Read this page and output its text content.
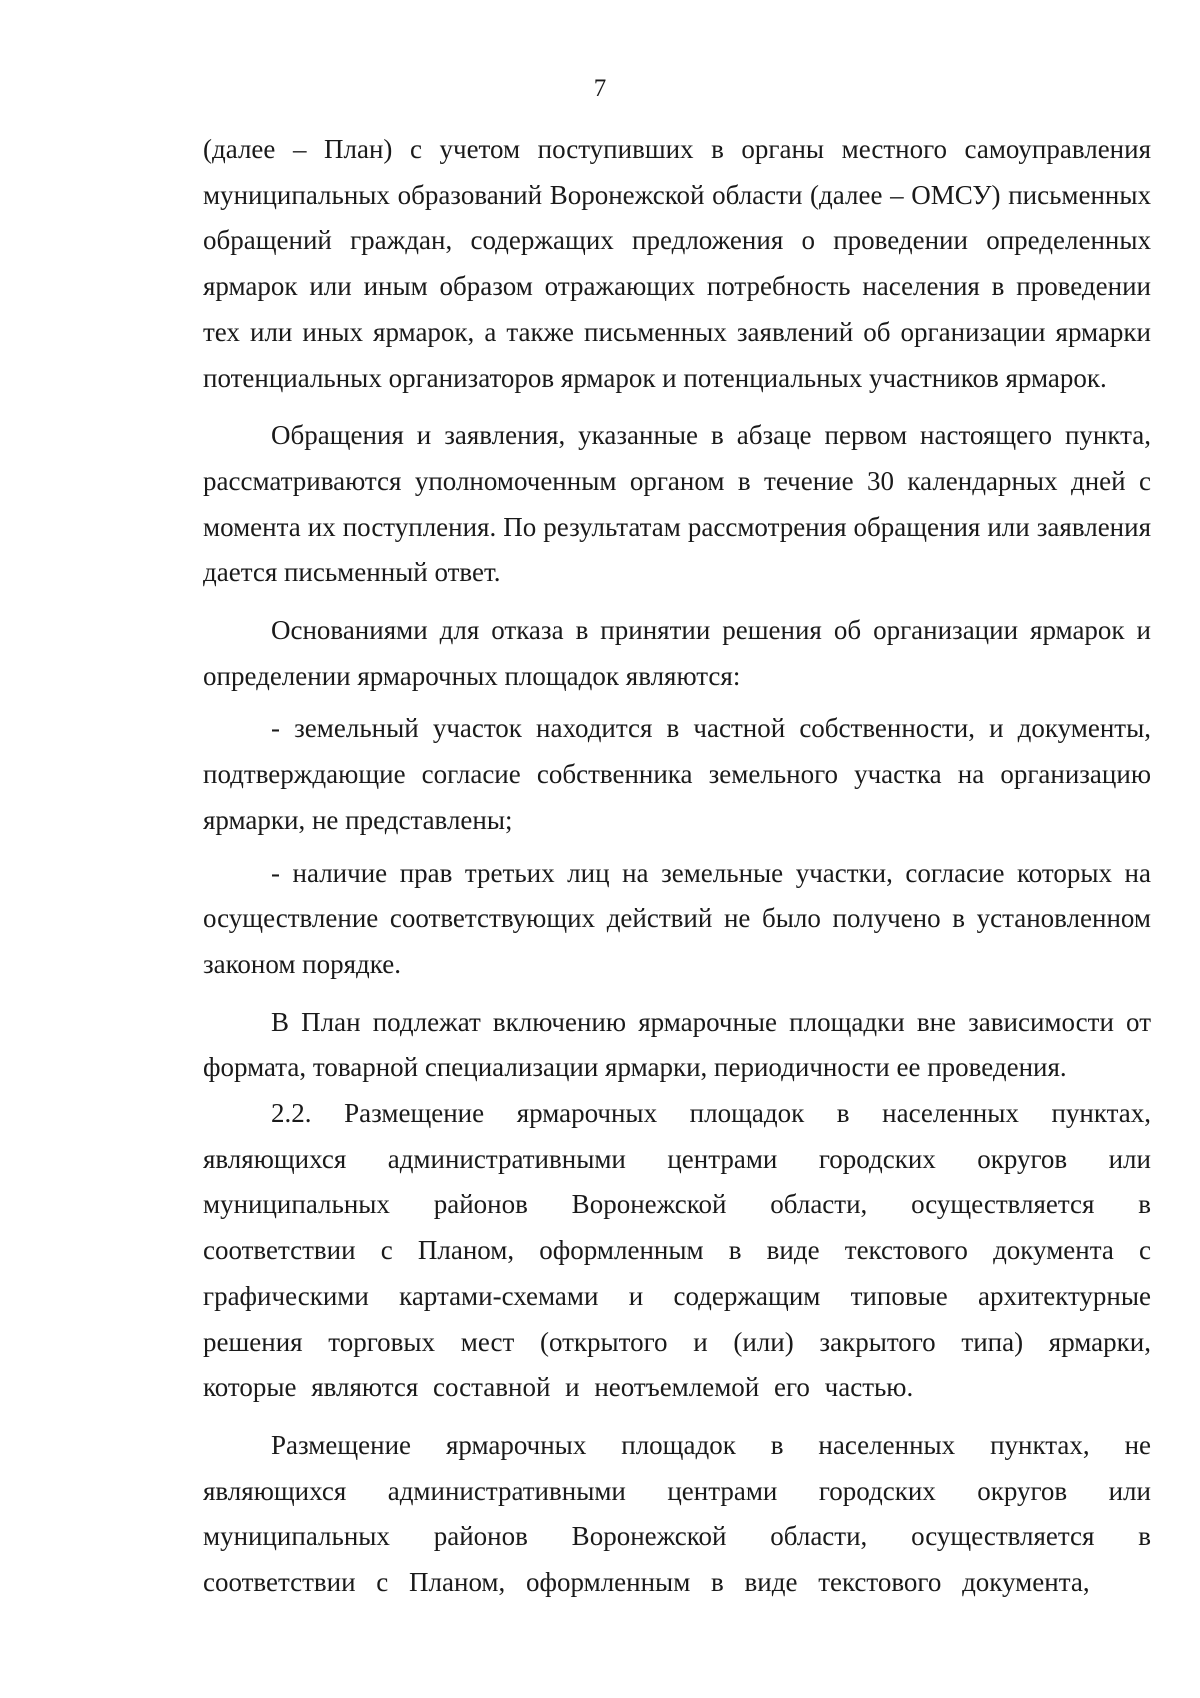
7

(далее – План) с учетом поступивших в органы местного самоуправления муниципальных образований Воронежской области (далее – ОМСУ) письменных обращений граждан, содержащих предложения о проведении определенных ярмарок или иным образом отражающих потребность населения в проведении тех или иных ярмарок, а также письменных заявлений об организации ярмарки потенциальных организаторов ярмарок и потенциальных участников ярмарок.

Обращения и заявления, указанные в абзаце первом настоящего пункта, рассматриваются уполномоченным органом в течение 30 календарных дней с момента их поступления. По результатам рассмотрения обращения или заявления дается письменный ответ.

Основаниями для отказа в принятии решения об организации ярмарок и определении ярмарочных площадок являются:

- земельный участок находится в частной собственности, и документы, подтверждающие согласие собственника земельного участка на организацию ярмарки, не представлены;

- наличие прав третьих лиц на земельные участки, согласие которых на осуществление соответствующих действий не было получено в установленном законом порядке.

В План подлежат включению ярмарочные площадки вне зависимости от формата, товарной специализации ярмарки, периодичности ее проведения.

2.2. Размещение ярмарочных площадок в населенных пунктах, являющихся административными центрами городских округов или муниципальных районов Воронежской области, осуществляется в соответствии с Планом, оформленным в виде текстового документа с графическими картами-схемами и содержащим типовые архитектурные решения торговых мест (открытого и (или) закрытого типа) ярмарки, которые являются составной и неотъемлемой его частью.

Размещение ярмарочных площадок в населенных пунктах, не являющихся административными центрами городских округов или муниципальных районов Воронежской области, осуществляется в соответствии с Планом, оформленным в виде текстового документа,
